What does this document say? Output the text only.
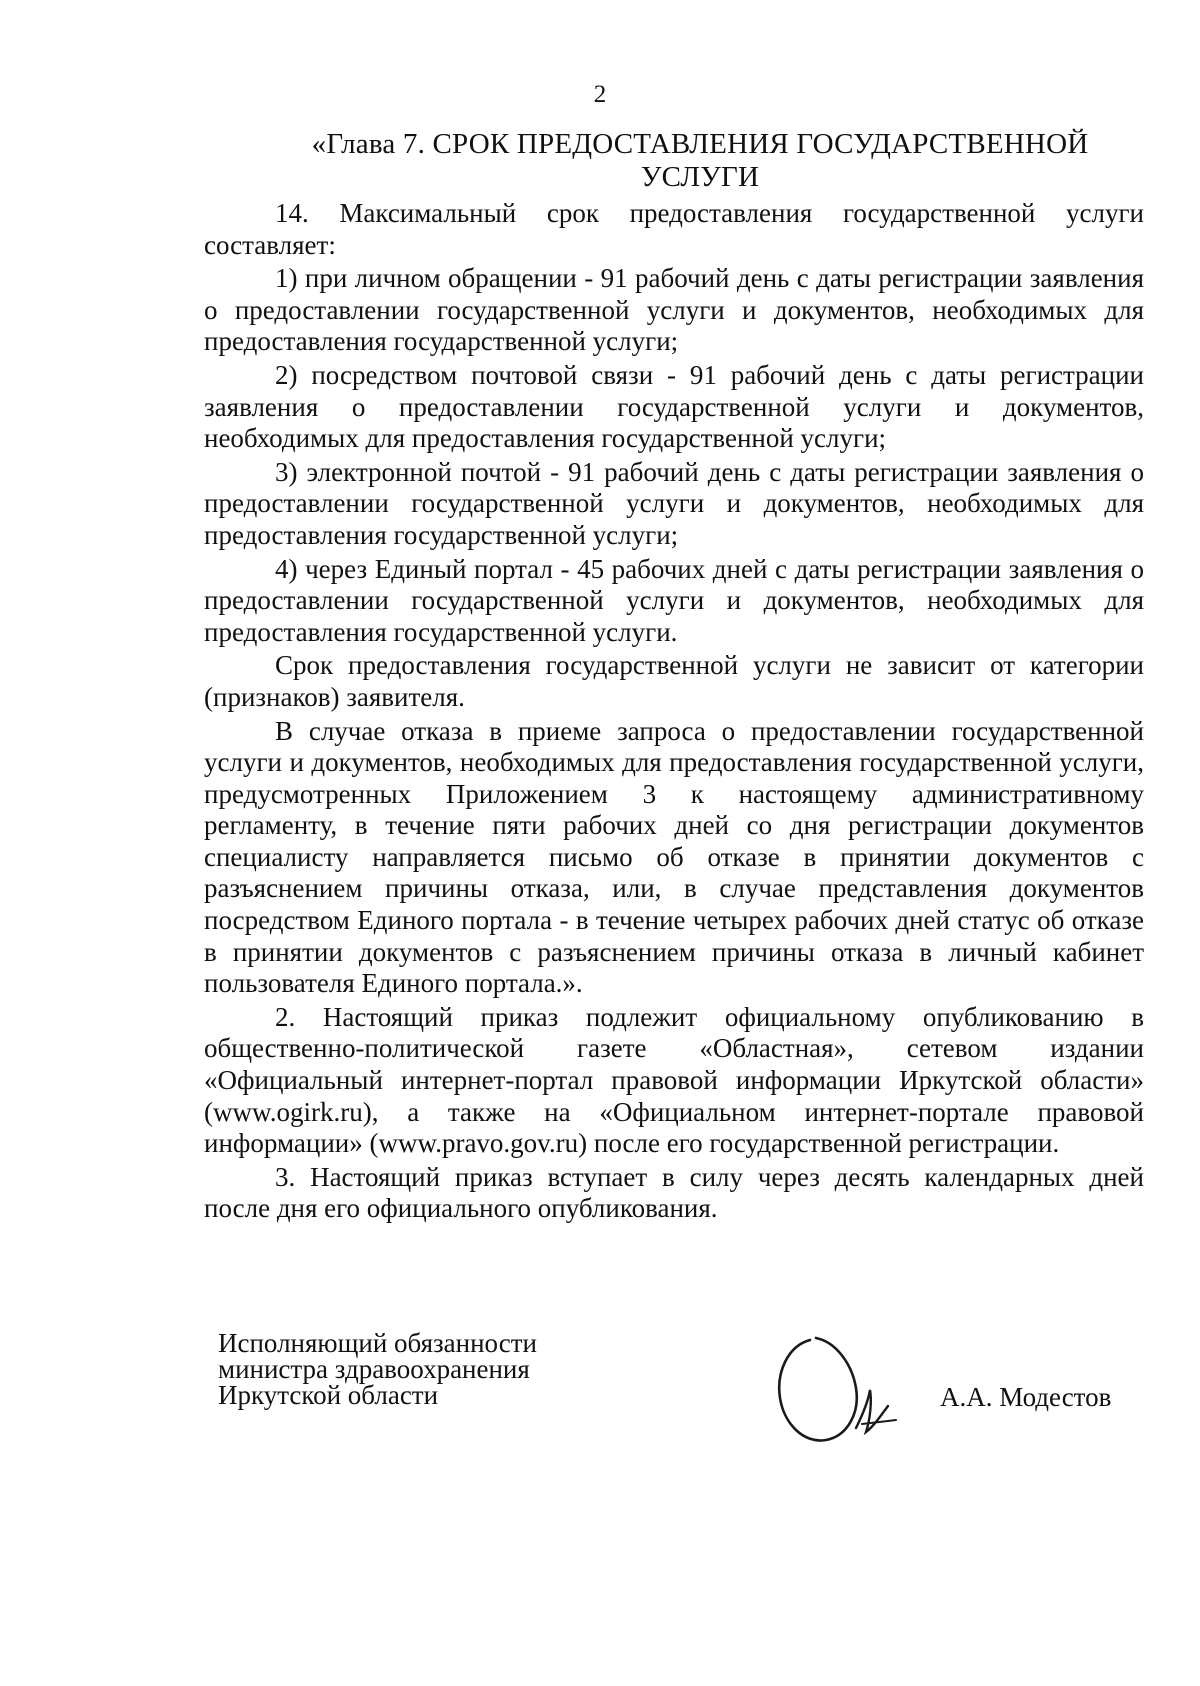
2
«Глава 7. СРОК ПРЕДОСТАВЛЕНИЯ ГОСУДАРСТВЕННОЙ
УСЛУГИ

14. Максимальный срок предоставления государственной услуги составляет:

1) при личном обращении - 91 рабочий день с даты регистрации заявления о предоставлении государственной услуги и документов, необходимых для предоставления государственной услуги;

2) посредством почтовой связи - 91 рабочий день с даты регистрации заявления о предоставлении государственной услуги и документов, необходимых для предоставления государственной услуги;

3) электронной почтой - 91 рабочий день с даты регистрации заявления о предоставлении государственной услуги и документов, необходимых для предоставления государственной услуги;

4) через Единый портал - 45 рабочих дней с даты регистрации заявления о предоставлении государственной услуги и документов, необходимых для предоставления государственной услуги.

Срок предоставления государственной услуги не зависит от категории (признаков) заявителя.

В случае отказа в приеме запроса о предоставлении государственной услуги и документов, необходимых для предоставления государственной услуги, предусмотренных Приложением 3 к настоящему административному регламенту, в течение пяти рабочих дней со дня регистрации документов специалисту направляется письмо об отказе в принятии документов с разъяснением причины отказа, или, в случае представления документов посредством Единого портала - в течение четырех рабочих дней статус об отказе в принятии документов с разъяснением причины отказа в личный кабинет пользователя Единого портала.».

2. Настоящий приказ подлежит официальному опубликованию в общественно-политической газете «Областная», сетевом издании «Официальный интернет-портал правовой информации Иркутской области» (www.ogirk.ru), а также на «Официальном интернет-портале правовой информации» (www.pravo.gov.ru) после его государственной регистрации.

3. Настоящий приказ вступает в силу через десять календарных дней после дня его официального опубликования.

Исполняющий обязанности
министра здравоохранения
Иркутской области	А.А. Модестов
